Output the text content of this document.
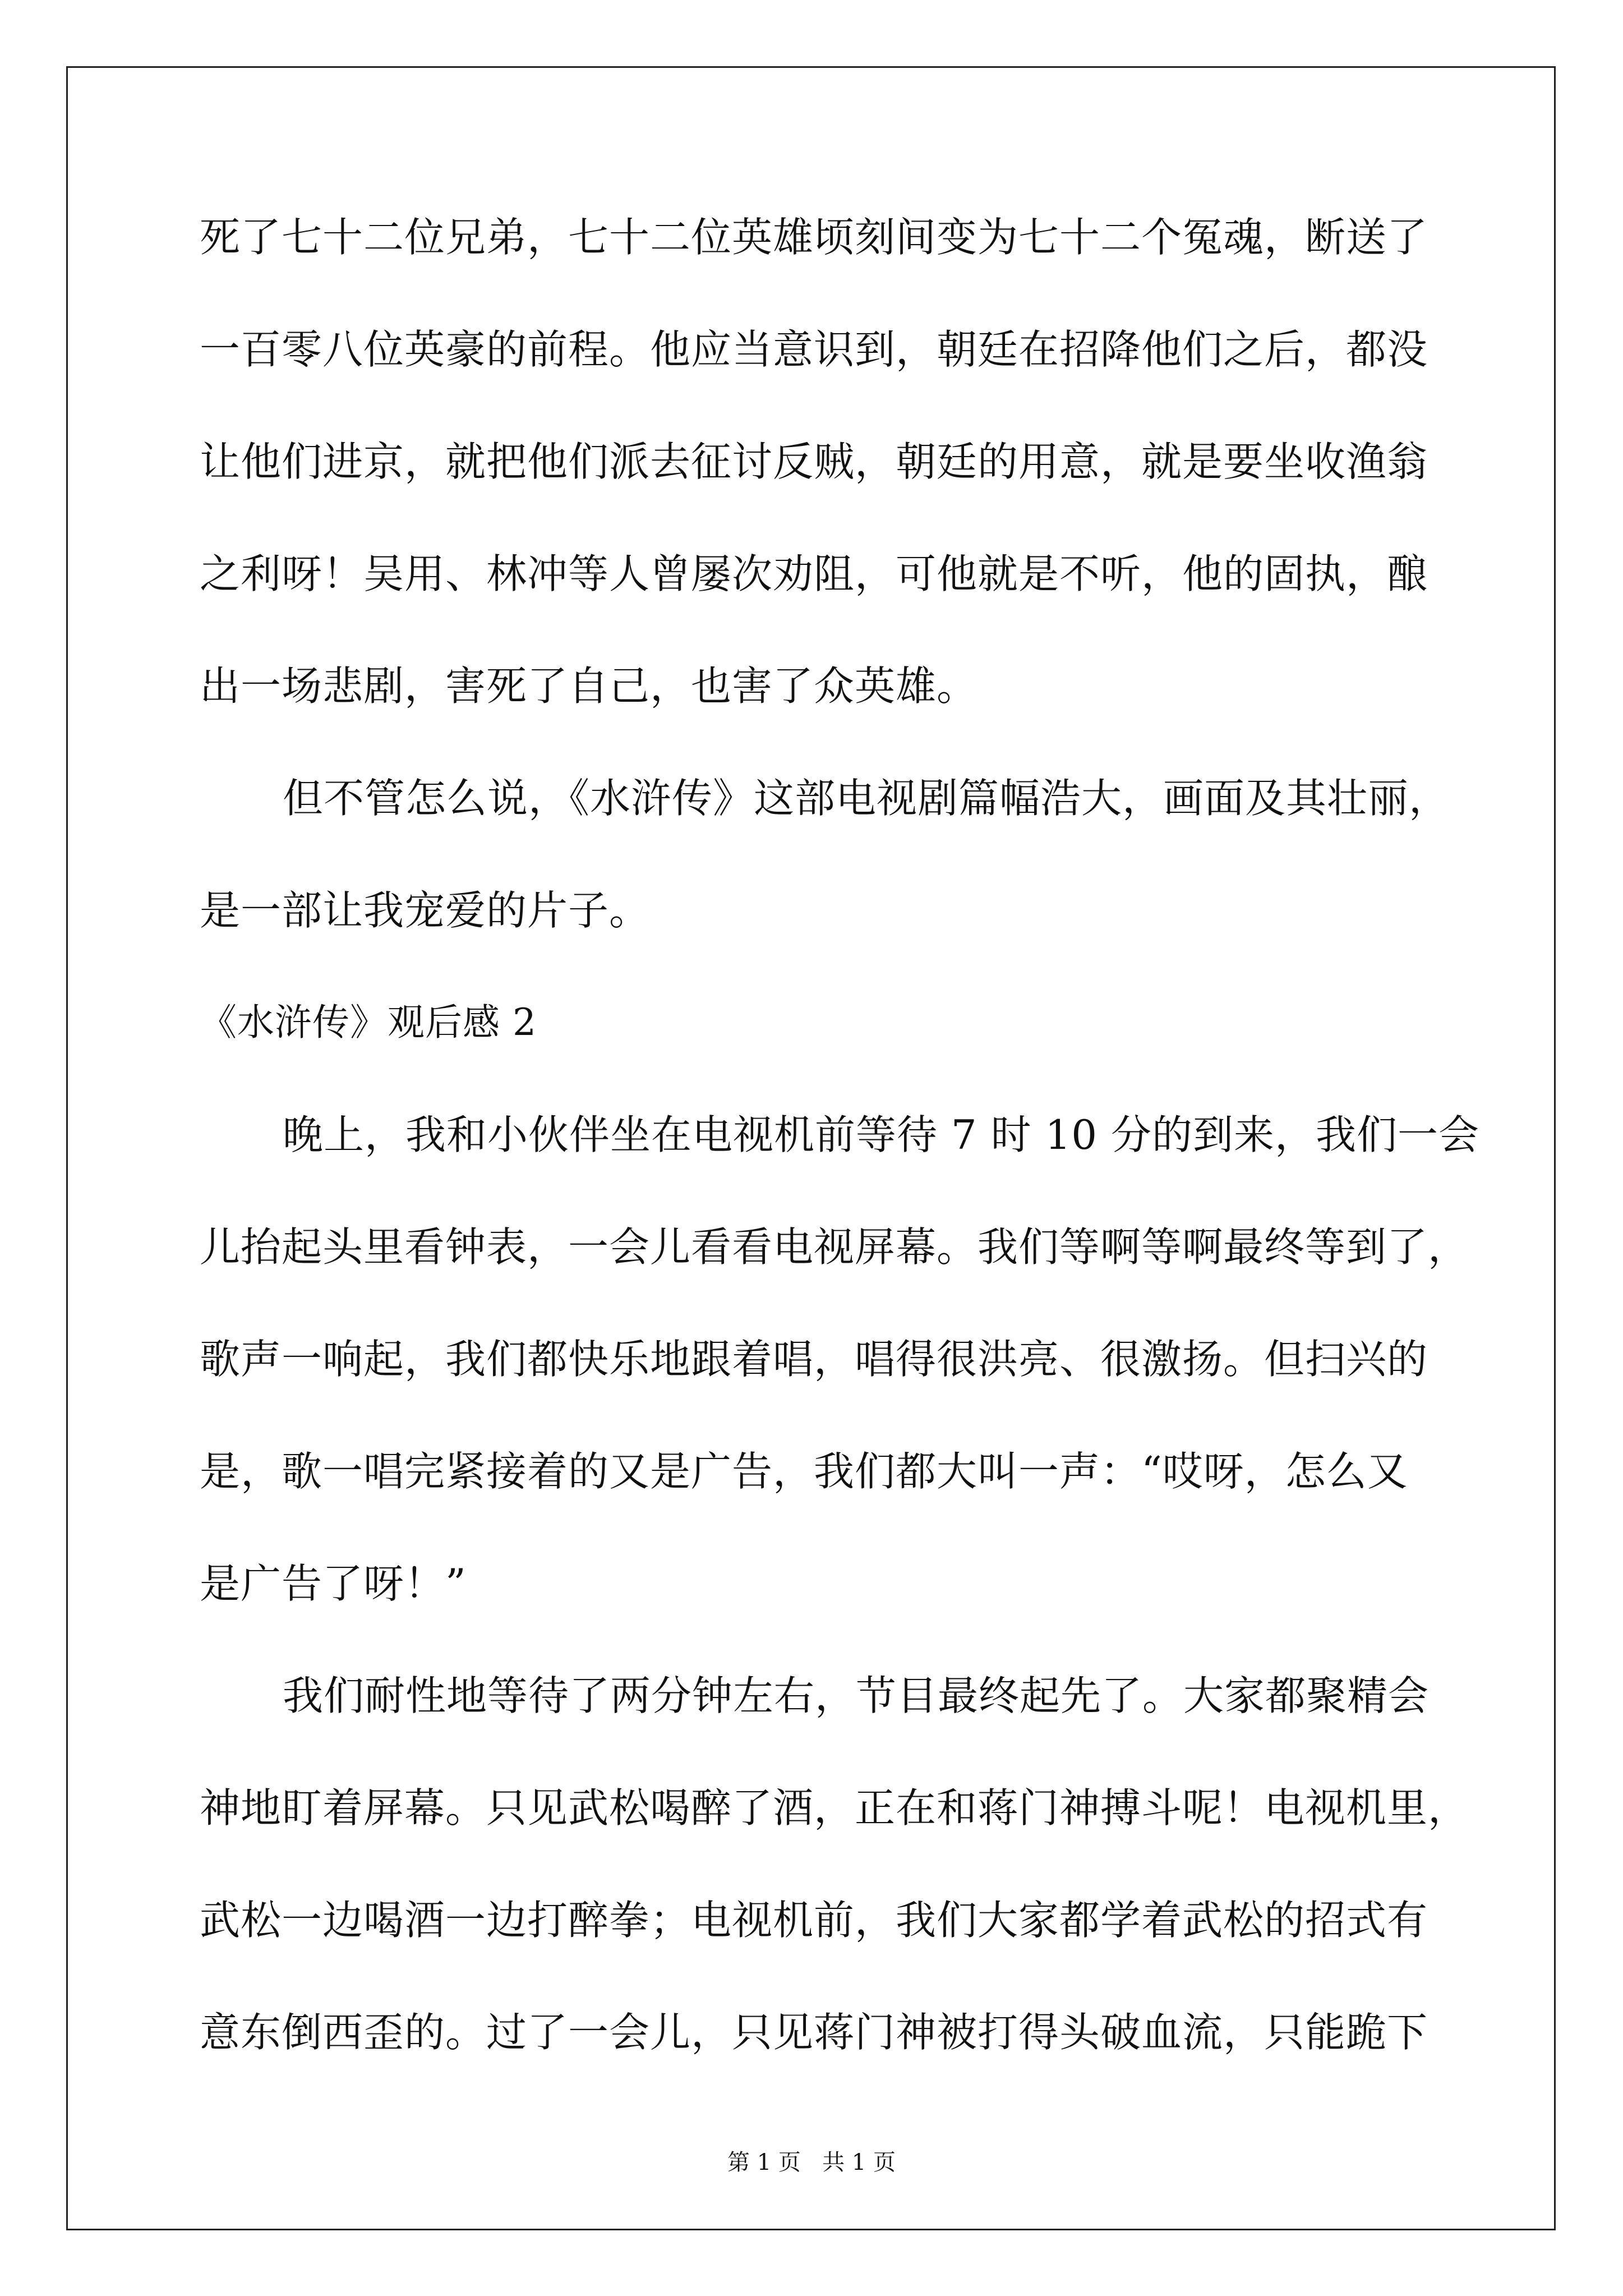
死了七十二位兄弟，七十二位英雄顷刻间变为七十二个冤魂，断送了
一百零八位英豪的前程。他应当意识到，朝廷在招降他们之后，都没
让他们进京，就把他们派去征讨反贼，朝廷的用意，就是要坐收渔翁
之利呀！吴用、林冲等人曾屡次劝阻，可他就是不听，他的固执，酿
出一场悲剧，害死了自己，也害了众英雄。
但不管怎么说，《水浒传》这部电视剧篇幅浩大，画面及其壮丽，
是一部让我宠爱的片子。
《水浒传》观后感 2
晚上，我和小伙伴坐在电视机前等待 7 时 10 分的到来，我们一会
儿抬起头里看钟表，一会儿看看电视屏幕。我们等啊等啊最终等到了，
歌声一响起，我们都快乐地跟着唱，唱得很洪亮、很激扬。但扫兴的
是，歌一唱完紧接着的又是广告，我们都大叫一声：“哎呀，怎么又
是广告了呀！”
我们耐性地等待了两分钟左右，节目最终起先了。大家都聚精会
神地盯着屏幕。只见武松喝醉了酒，正在和蒋门神搏斗呢！电视机里，
武松一边喝酒一边打醉拳；电视机前，我们大家都学着武松的招式有
意东倒西歪的。过了一会儿，只见蒋门神被打得头破血流，只能跪下
第 1 页   共 1 页
